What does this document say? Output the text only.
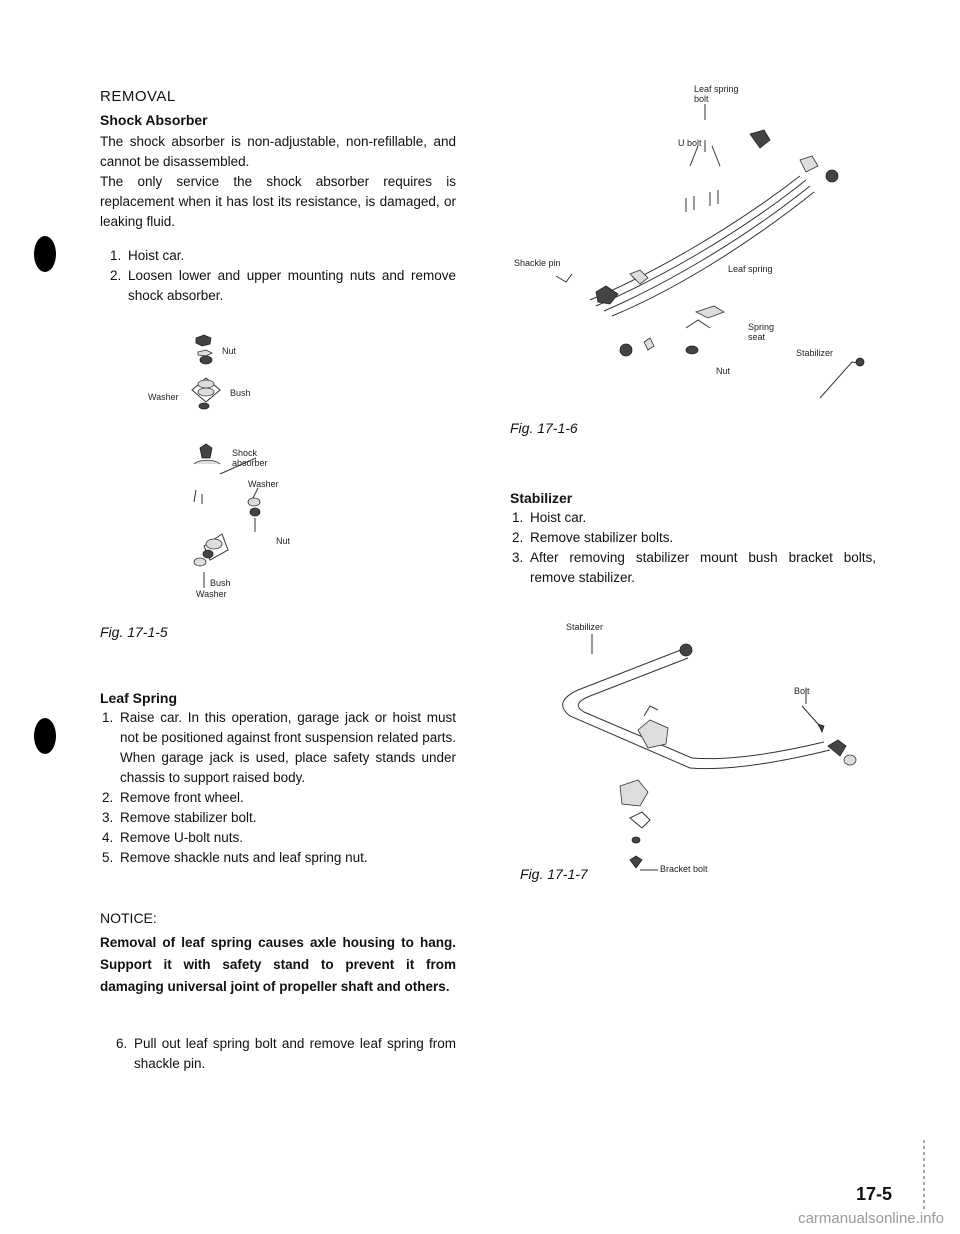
REMOVAL
Shock Absorber

The shock absorber is non-adjustable, non-refillable, and cannot be disassembled.

The only service the shock absorber requires is replacement when it has lost its resistance, is damaged, or leaking fluid.

1. Hoist car.
2. Loosen lower and upper mounting nuts and remove shock absorber.
Nut
Washer	Bush
Shock
absorber
Washer
Nut
Bush
Washer
Fig. 17-1-5
Leaf Spring
1. Raise car. In this operation, garage jack or hoist must not be positioned against front suspension related parts. When garage jack is used, place safety stands under chassis to support raised body.
2. Remove front wheel.
3. Remove stabilizer bolt.
4. Remove U-bolt nuts.
5. Remove shackle nuts and leaf spring nut.
NOTICE:
Removal of leaf spring causes axle housing to hang. Support it with safety stand to prevent it from damaging universal joint of propeller shaft and others.
6. Pull out leaf spring bolt and remove leaf spring from shackle pin.
Leaf spring
bolt
U bolt
Shackle pin
Leaf spring
Spring
seat
Stabilizer
Nut
Fig. 17-1-6
Stabilizer
1. Hoist car.
2. Remove stabilizer bolts.
3. After removing stabilizer mount bush bracket bolts, remove stabilizer.
Stabilizer
Bolt
Bracket bolt
Fig. 17-1-7
17-5
carmanualsonline.info
